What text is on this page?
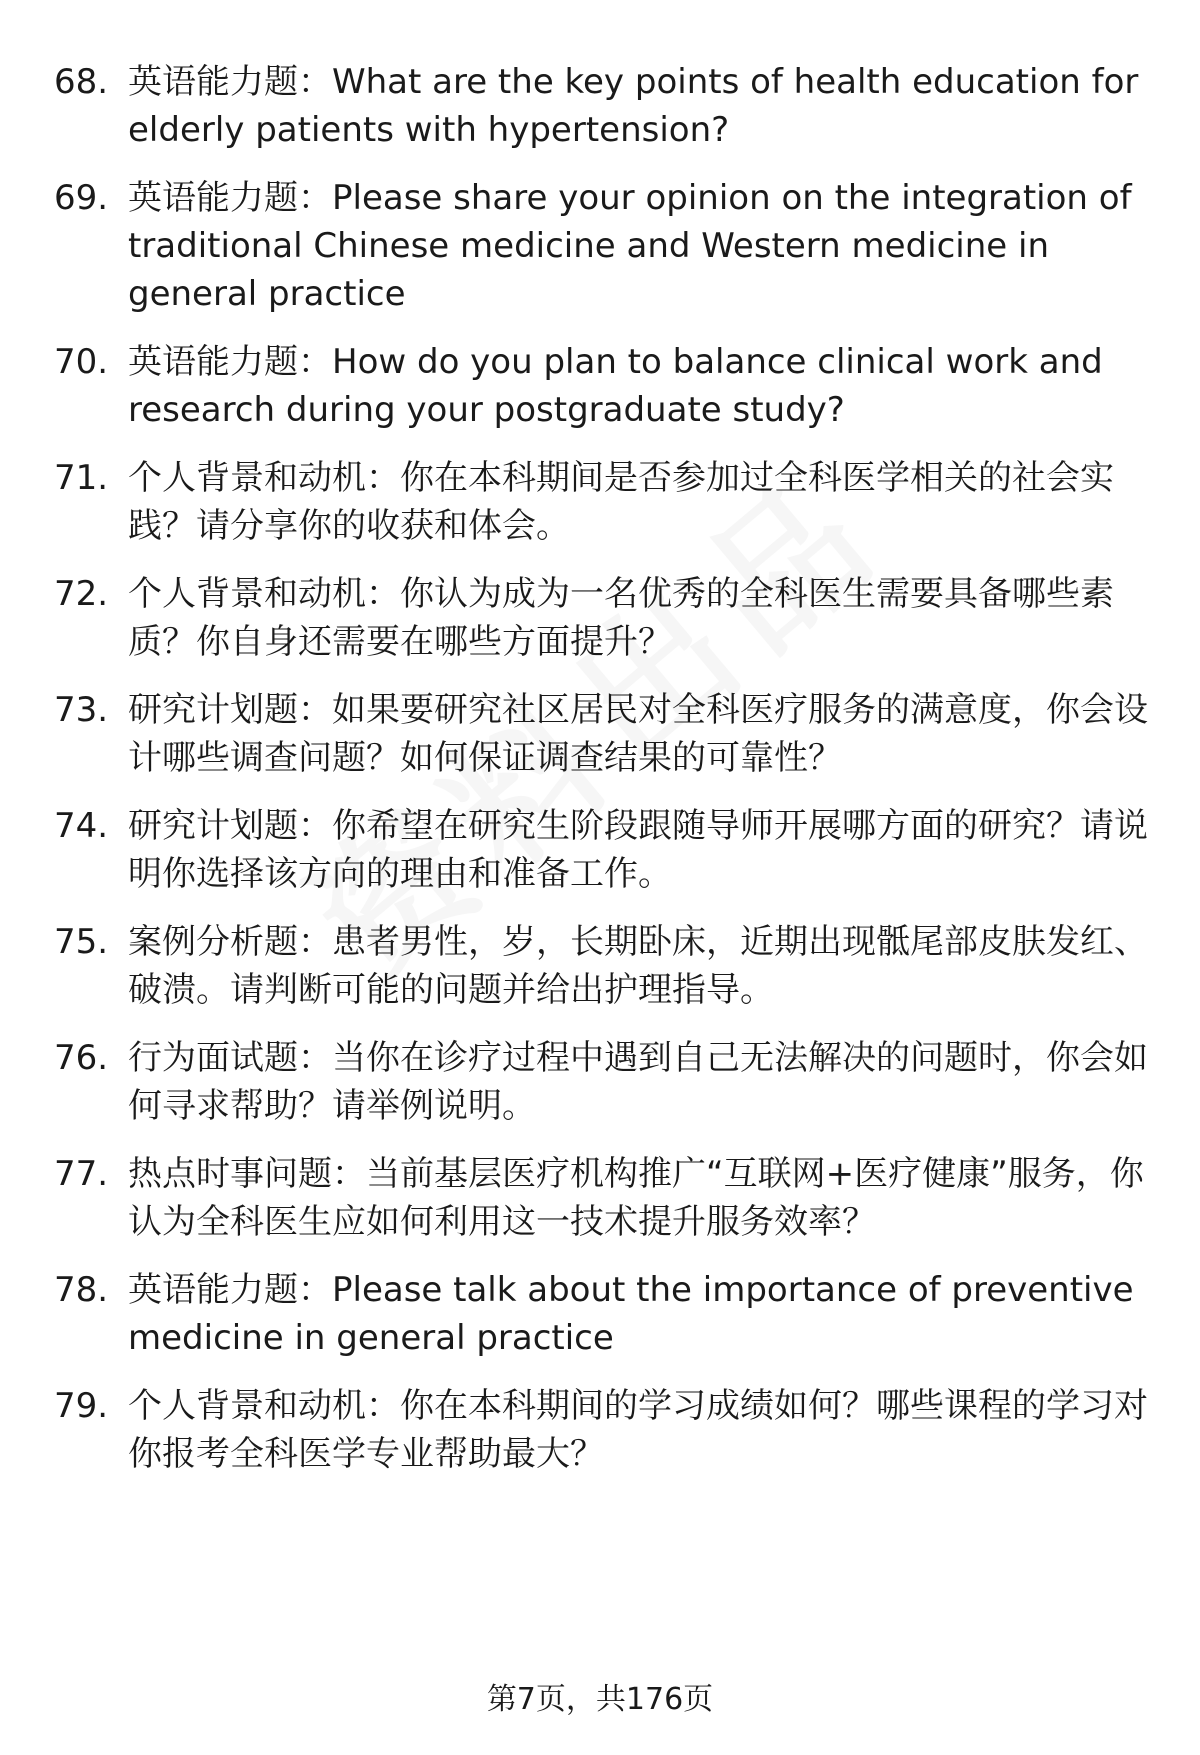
68. 英语能力题：What are the key points of health education for elderly patients with hypertension?
69. 英语能力题：Please share your opinion on the integration of traditional Chinese medicine and Western medicine in general practice
70. 英语能力题：How do you plan to balance clinical work and research during your postgraduate study?
71. 个人背景和动机：你在本科期间是否参加过全科医学相关的社会实践？请分享你的收获和体会。
72. 个人背景和动机：你认为成为一名优秀的全科医生需要具备哪些素质？你自身还需要在哪些方面提升？
73. 研究计划题：如果要研究社区居民对全科医疗服务的满意度，你会设计哪些调查问题？如何保证调查结果的可靠性？
74. 研究计划题：你希望在研究生阶段跟随导师开展哪方面的研究？请说明你选择该方向的理由和准备工作。
75. 案例分析题：患者男性，岁，长期卧床，近期出现骶尾部皮肤发红、破溃。请判断可能的问题并给出护理指导。
76. 行为面试题：当你在诊疗过程中遇到自己无法解决的问题时，你会如何寻求帮助？请举例说明。
77. 热点时事问题：当前基层医疗机构推广“互联网+医疗健康”服务，你认为全科医生应如何利用这一技术提升服务效率？
78. 英语能力题：Please talk about the importance of preventive medicine in general practice
79. 个人背景和动机：你在本科期间的学习成绩如何？哪些课程的学习对你报考全科医学专业帮助最大？
第7页，共176页
